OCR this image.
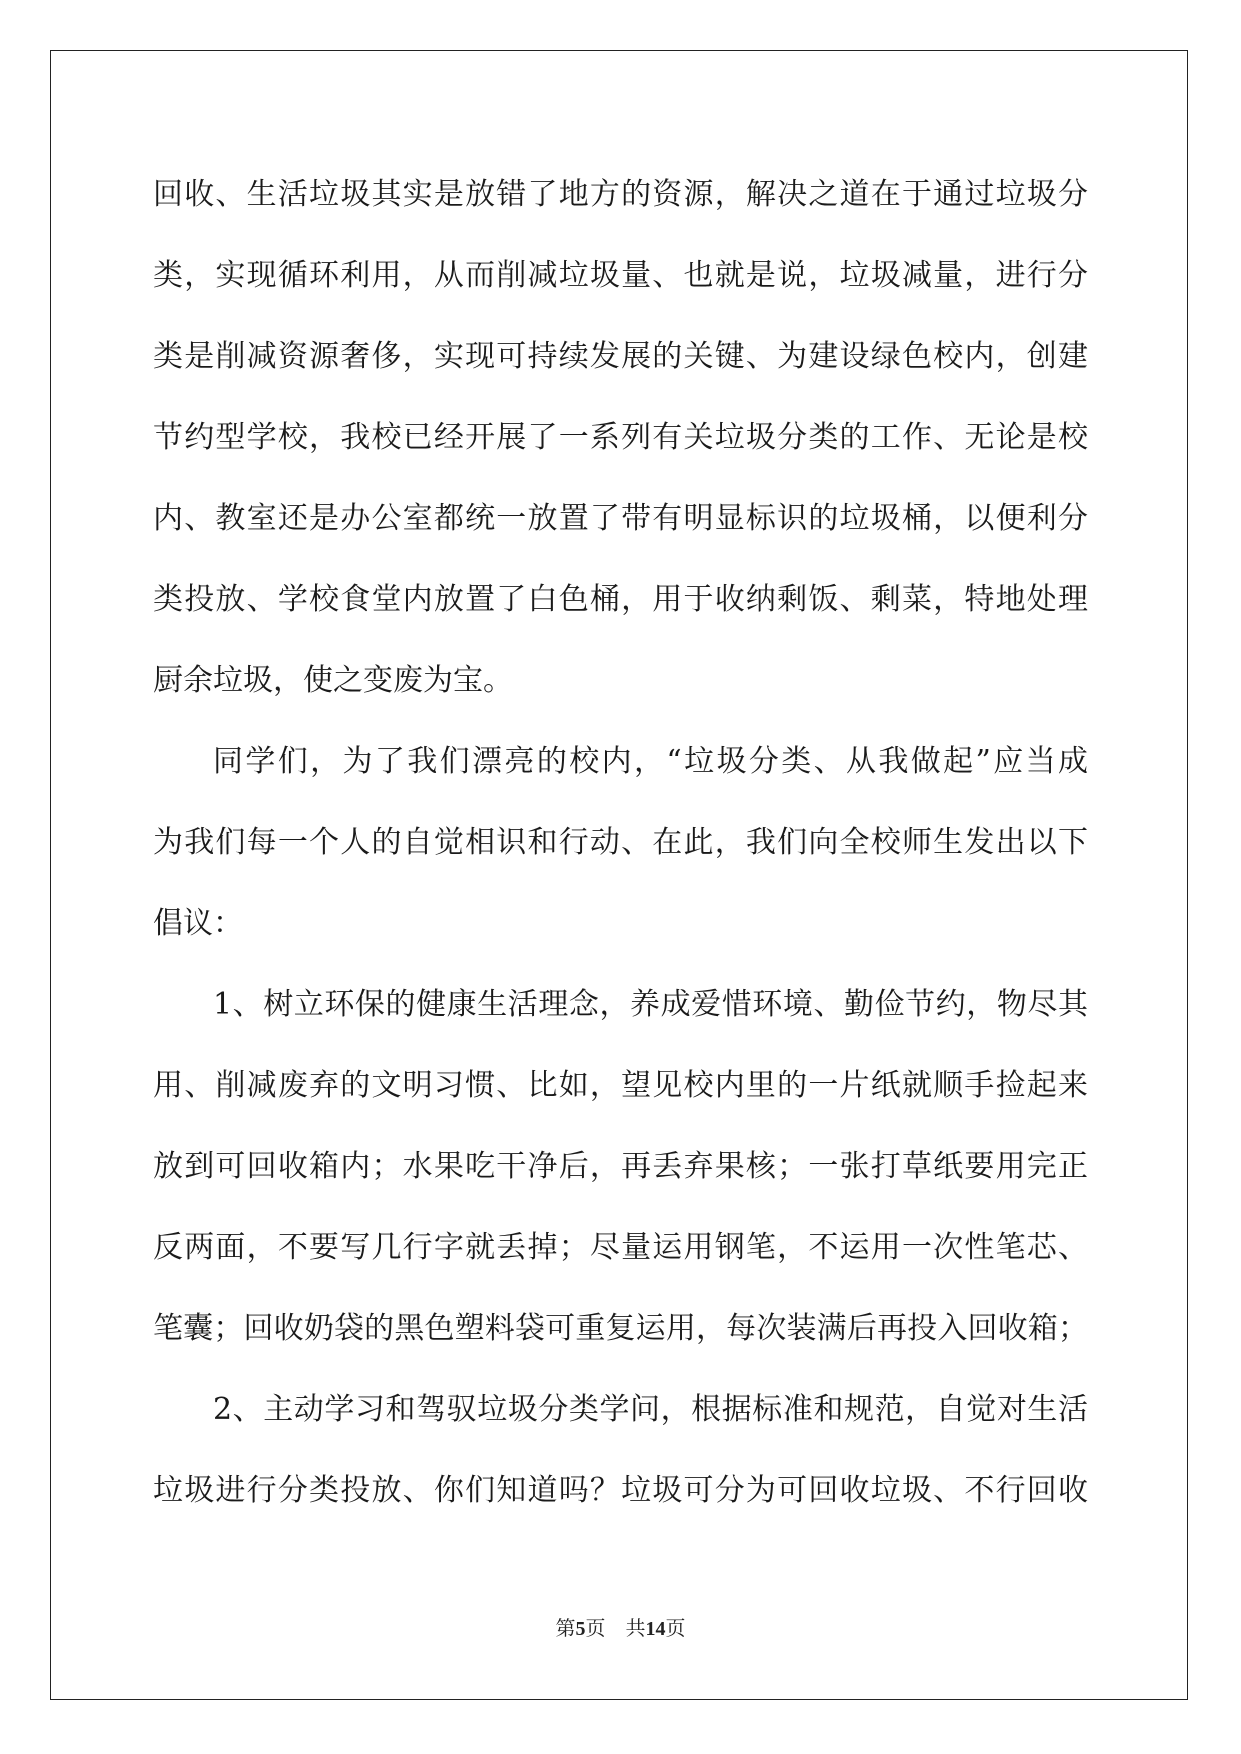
回收、生活垃圾其实是放错了地方的资源，解决之道在于通过垃圾分
类，实现循环利用，从而削减垃圾量、也就是说，垃圾减量，进行分
类是削减资源奢侈，实现可持续发展的关键、为建设绿色校内，创建
节约型学校，我校已经开展了一系列有关垃圾分类的工作、无论是校
内、教室还是办公室都统一放置了带有明显标识的垃圾桶，以便利分
类投放、学校食堂内放置了白色桶，用于收纳剩饭、剩菜，特地处理
厨余垃圾，使之变废为宝。
同学们，为了我们漂亮的校内，“垃圾分类、从我做起”应当成
为我们每一个人的自觉相识和行动、在此，我们向全校师生发出以下
倡议：
1、树立环保的健康生活理念，养成爱惜环境、勤俭节约，物尽其
用、削减废弃的文明习惯、比如，望见校内里的一片纸就顺手捡起来
放到可回收箱内；水果吃干净后，再丢弃果核；一张打草纸要用完正
反两面，不要写几行字就丢掉；尽量运用钢笔，不运用一次性笔芯、
笔囊；回收奶袋的黑色塑料袋可重复运用，每次装满后再投入回收箱；
2、主动学习和驾驭垃圾分类学问，根据标准和规范，自觉对生活
垃圾进行分类投放、你们知道吗？垃圾可分为可回收垃圾、不行回收
第5页 共14页
